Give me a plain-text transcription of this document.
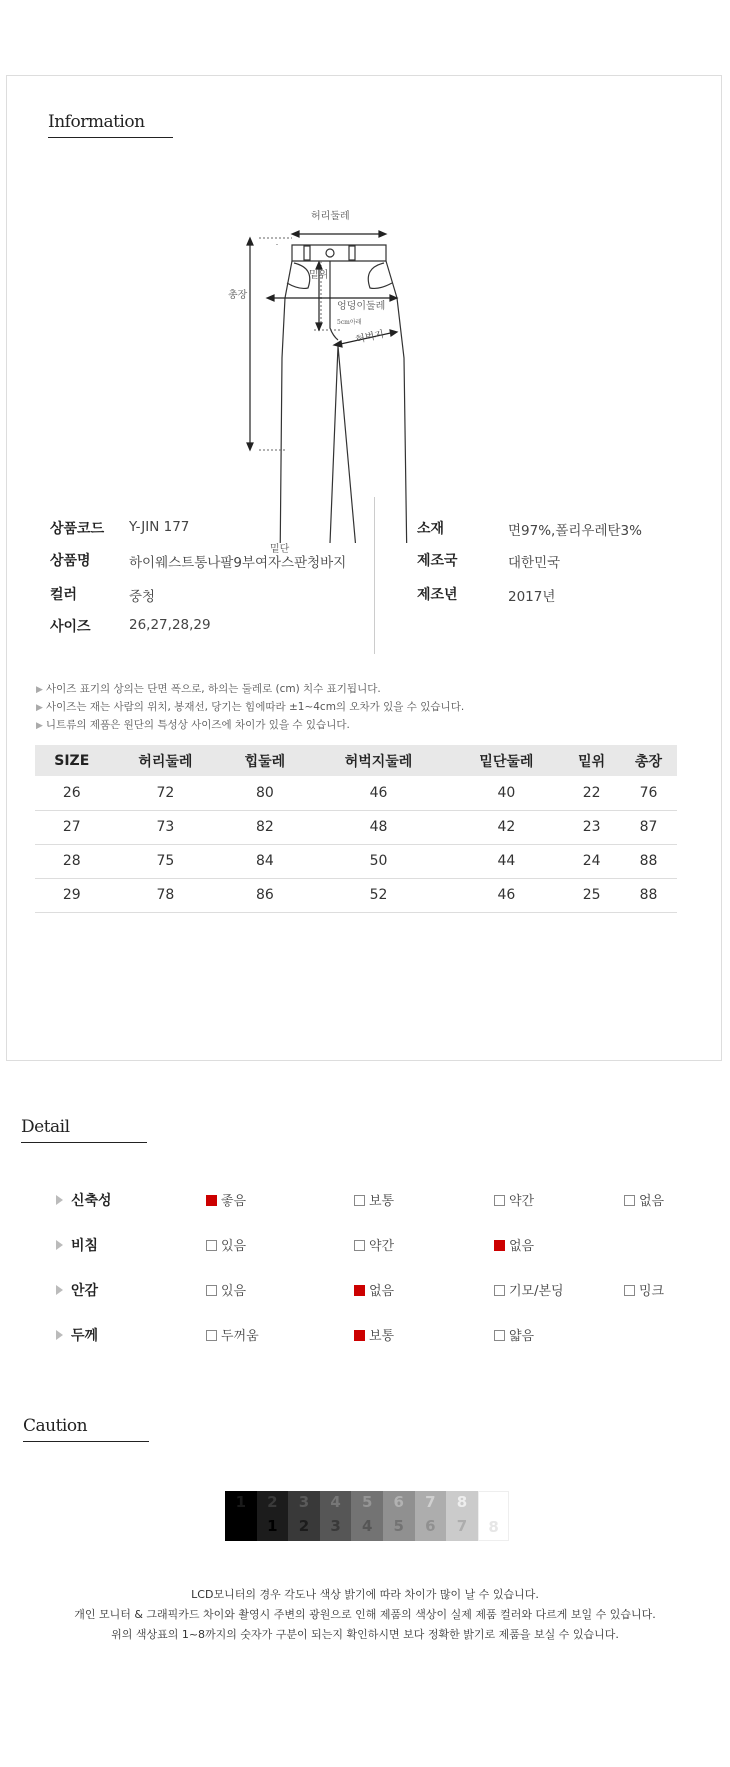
Information
허리둘레
총장
밑위
엉덩이둘레
5cm아래
허벅지
밑단
상품코드 Y-JIN 177
상품명	하이웨스트통나팔9부여자스판청바지
컬러	중청
사이즈	26,27,28,29
소재	면97%,폴리우레탄3%
제조국	대한민국
제조년	2017년
▶ 사이즈 표기의 상의는 단면 폭으로, 하의는 둘레로 (cm) 치수 표기됩니다.
▶ 사이즈는 재는 사람의 위치, 봉재선, 당기는 힘에따라 ±1~4cm의 오차가 있을 수 있습니다.
▶ 니트류의 제품은 원단의 특성상 사이즈에 차이가 있을 수 있습니다.
SIZE	허리둘레	힙둘레	허벅지둘레	밑단둘레	밑위	총장
26	72	80	46	40	22	76
27	73	82	48	42	23	87
28	75	84	50	44	24	88
29	78	86	52	46	25	88
Detail
신축성	좋음	보통	약간	없음
비침	있음	약간	없음
안감	있음	없음	기모/본딩	밍크
두께	두꺼움	보통	얇음
Caution
1	2
1
3
2
4
3
5
4
6
5
7
6
8
7	8
LCD모니터의 경우 각도나 색상 밝기에 따라 차이가 많이 날 수 있습니다.
개인 모니터 & 그래픽카드 차이와 촬영시 주변의 광원으로 인해 제품의 색상이 실제 제품 컬러와 다르게 보일 수 있습니다.
위의 색상표의 1~8까지의 숫자가 구분이 되는지 확인하시면 보다 정확한 밝기로 제품을 보실 수 있습니다.
